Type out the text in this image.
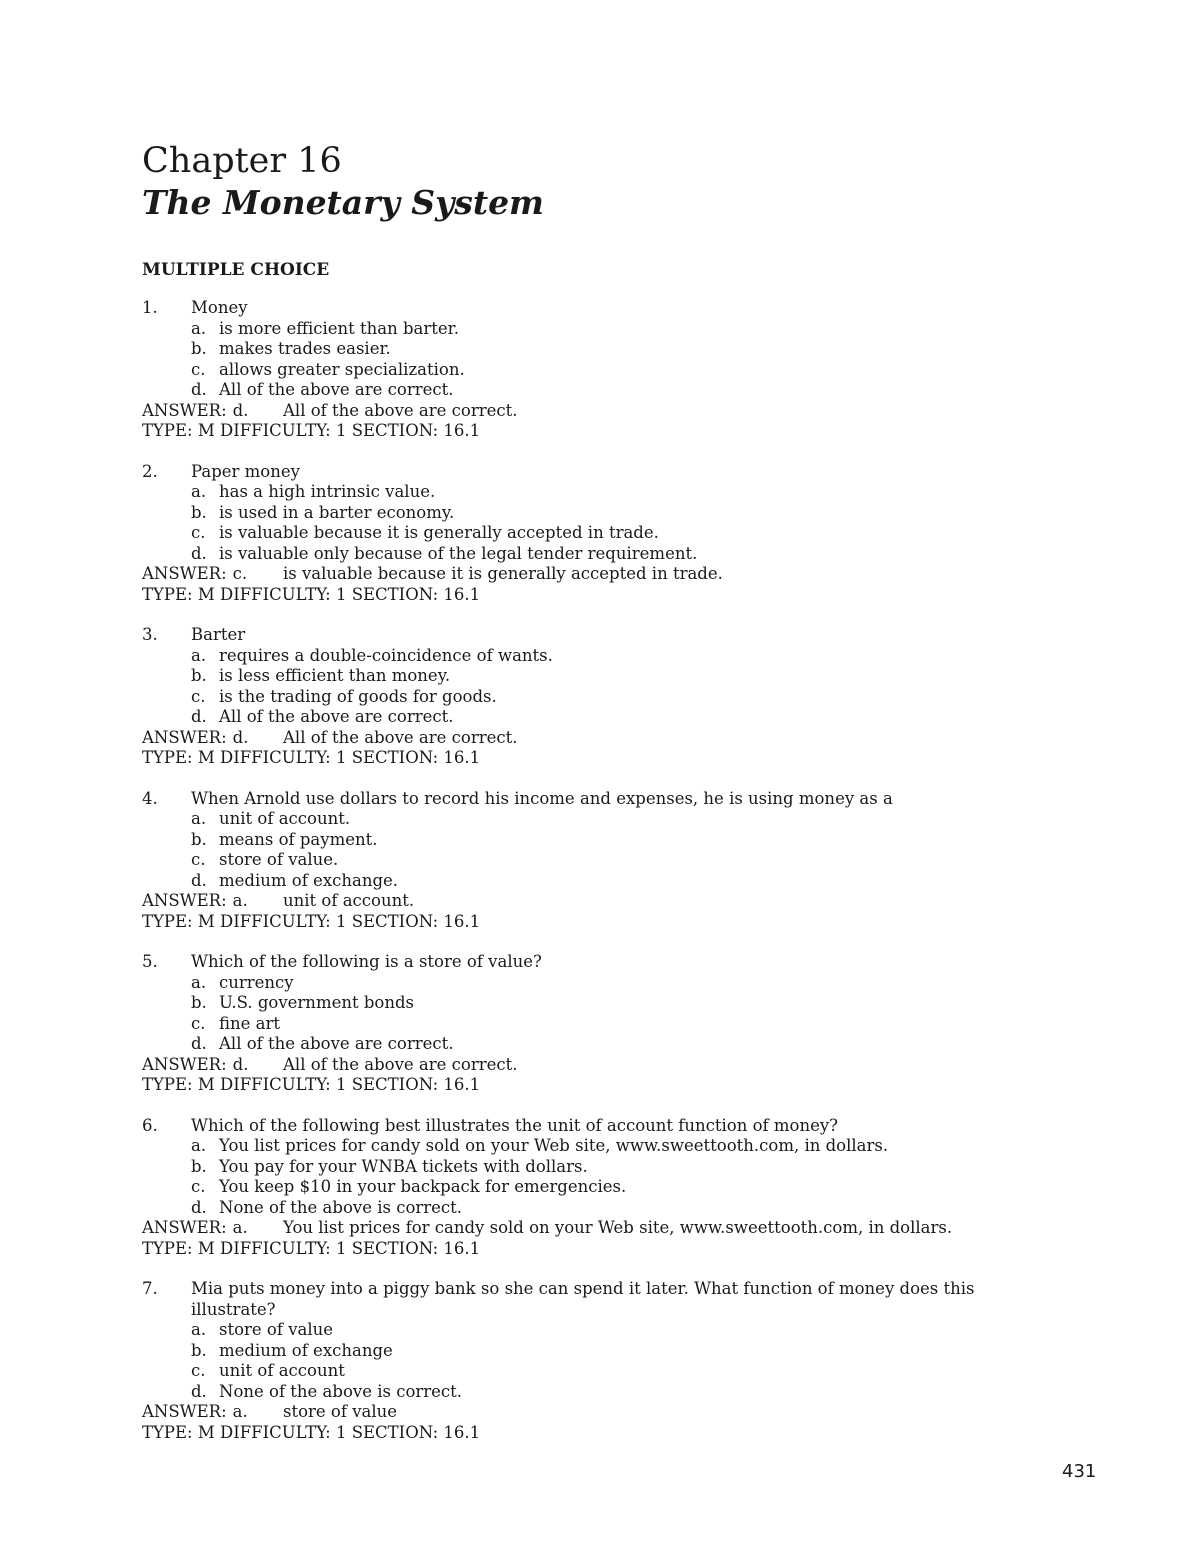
Chapter 16
The Monetary System
MULTIPLE CHOICE
1.	Money
a. is more efficient than barter.
b. makes trades easier.
c. allows greater specialization.
d. All of the above are correct.
ANSWER: d. All of the above are correct.
TYPE: M DIFFICULTY: 1 SECTION: 16.1
2.	Paper money
a. has a high intrinsic value.
b. is used in a barter economy.
c. is valuable because it is generally accepted in trade.
d. is valuable only because of the legal tender requirement.
ANSWER: c. is valuable because it is generally accepted in trade.
TYPE: M DIFFICULTY: 1 SECTION: 16.1
3.	Barter
a. requires a double-coincidence of wants.
b. is less efficient than money.
c. is the trading of goods for goods.
d. All of the above are correct.
ANSWER: d. All of the above are correct.
TYPE: M DIFFICULTY: 1 SECTION: 16.1
4.	When Arnold use dollars to record his income and expenses, he is using money as a
a. unit of account.
b. means of payment.
c. store of value.
d. medium of exchange.
ANSWER: a. unit of account.
TYPE: M DIFFICULTY: 1 SECTION: 16.1
5.	Which of the following is a store of value?
a. currency
b. U.S. government bonds
c. fine art
d. All of the above are correct.
ANSWER: d. All of the above are correct.
TYPE: M DIFFICULTY: 1 SECTION: 16.1
6.	Which of the following best illustrates the unit of account function of money?
a. You list prices for candy sold on your Web site, www.sweettooth.com, in dollars.
b. You pay for your WNBA tickets with dollars.
c. You keep $10 in your backpack for emergencies.
d. None of the above is correct.
ANSWER: a. You list prices for candy sold on your Web site, www.sweettooth.com, in dollars.
TYPE: M DIFFICULTY: 1 SECTION: 16.1
7.	Mia puts money into a piggy bank so she can spend it later. What function of money does this illustrate?
a. store of value
b. medium of exchange
c. unit of account
d. None of the above is correct.
ANSWER: a. store of value
TYPE: M DIFFICULTY: 1 SECTION: 16.1
431
